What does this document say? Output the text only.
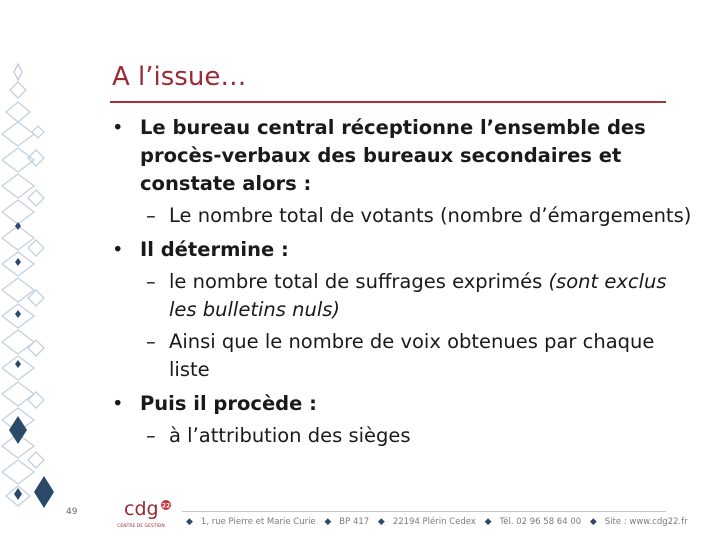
A l’issue…
• Le bureau central réceptionne l’ensemble des procès-verbaux des bureaux secondaires et constate alors :
– Le nombre total de votants (nombre d’émargements)
• Il détermine :
– le nombre total de suffrages exprimés (sont exclus les bulletins nuls)
– Ainsi que le nombre de voix obtenues par chaque liste
• Puis il procède :
– à l’attribution des sièges
49 cdg 22
CENTRE DE GESTION ◆ 1, rue Pierre et Marie Curie ◆ BP 417 ◆ 22194 Plérin Cedex ◆ Tél. 02 96 58 64 00 ◆ Site : www.cdg22.fr
